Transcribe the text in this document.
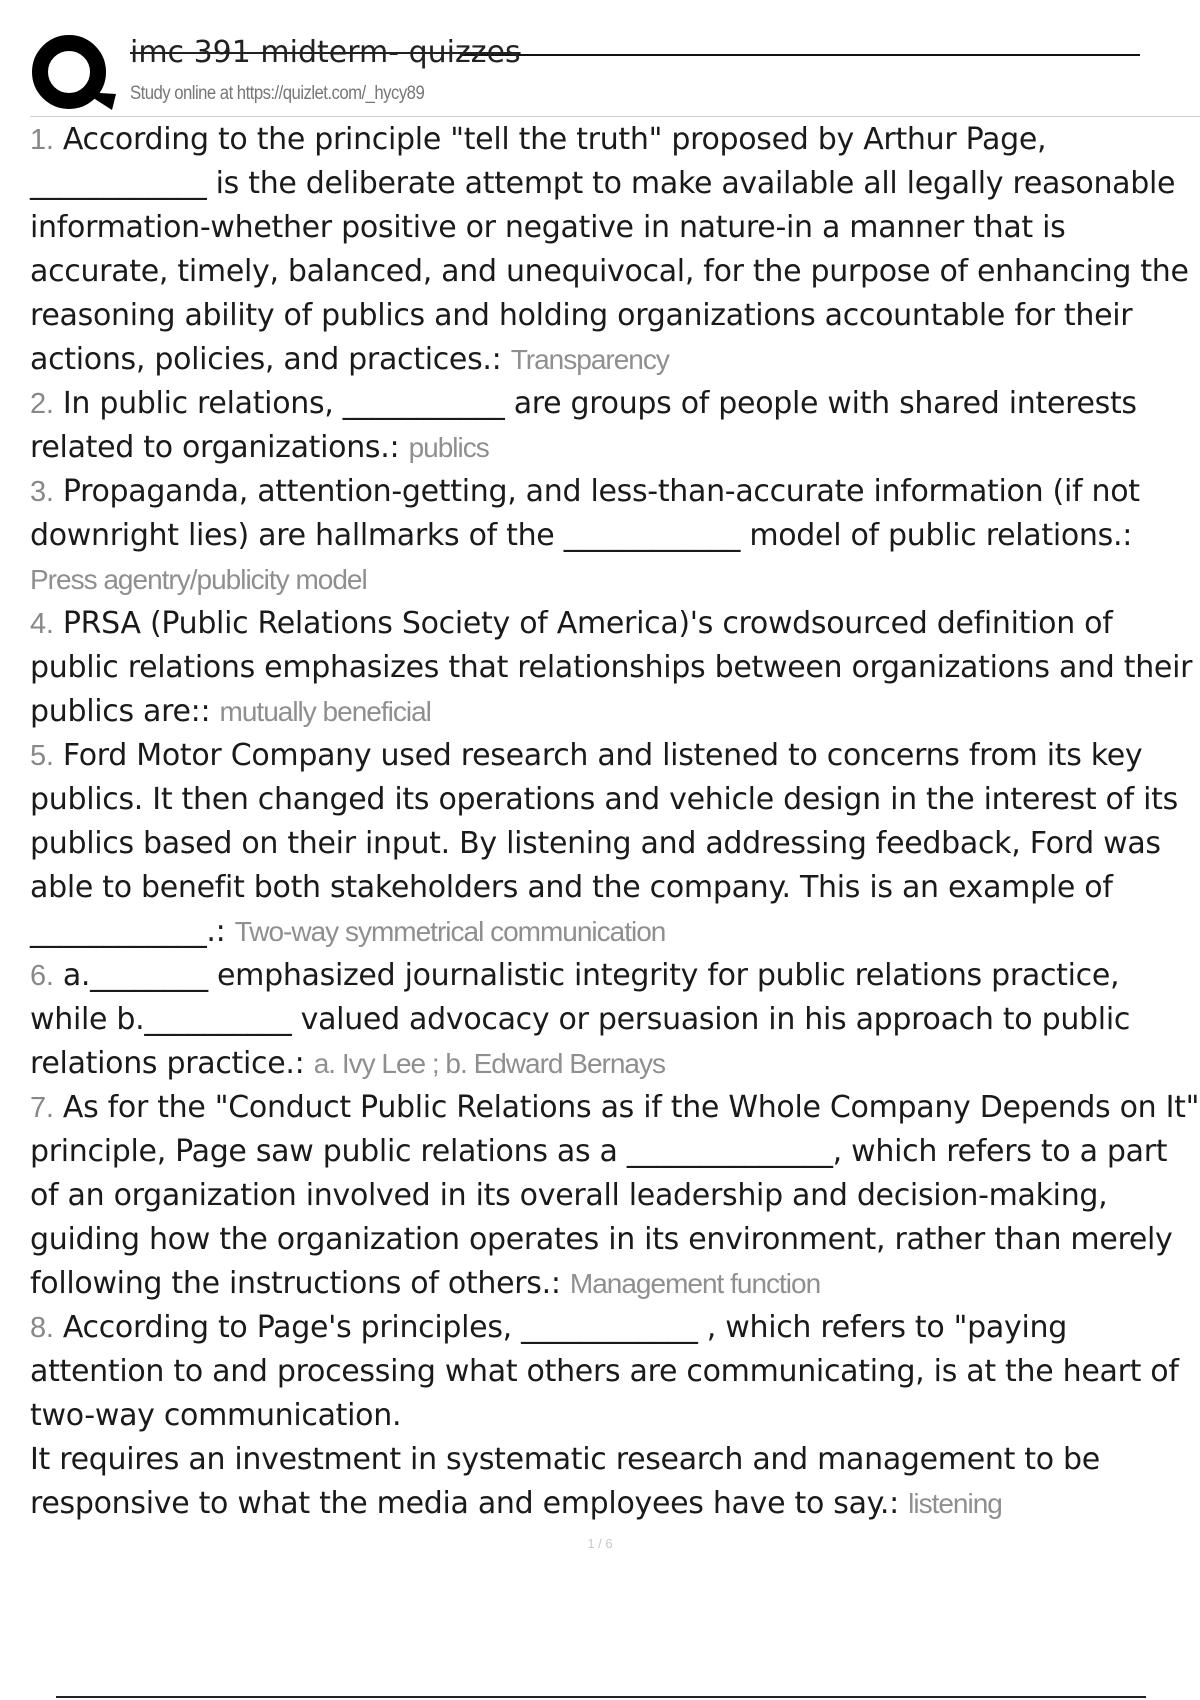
imc 391 midterm- quizzes
Study online at https://quizlet.com/_hycy89

1. According to the principle "tell the truth" proposed by Arthur Page, ____________ is the deliberate attempt to make available all legally reasonable information-whether positive or negative in nature-in a manner that is accurate, timely, balanced, and unequivocal, for the purpose of enhancing the reasoning ability of publics and holding organizations accountable for their actions, policies, and practices.: Transparency

2. In public relations, ___________ are groups of people with shared interests related to organizations.: publics

3. Propaganda, attention-getting, and less-than-accurate information (if not downright lies) are hallmarks of the ____________ model of public relations.: Press agentry/publicity model

4. PRSA (Public Relations Society of America)'s crowdsourced definition of public relations emphasizes that relationships between organizations and their publics are:: mutually beneficial

5. Ford Motor Company used research and listened to concerns from its key publics. It then changed its operations and vehicle design in the interest of its publics based on their input. By listening and addressing feedback, Ford was able to benefit both stakeholders and the company. This is an example of ____________.: Two-way symmetrical communication

6. a.________ emphasized journalistic integrity for public relations practice, while b.__________ valued advocacy or persuasion in his approach to public relations practice.: a. Ivy Lee ; b. Edward Bernays

7. As for the "Conduct Public Relations as if the Whole Company Depends on It" principle, Page saw public relations as a ______________, which refers to a part of an organization involved in its overall leadership and decision-making, guiding how the organization operates in its environment, rather than merely following the instructions of others.: Management function

8. According to Page's principles, ____________ , which refers to "paying attention to and processing what others are communicating, is at the heart of two-way communication.
It requires an investment in systematic research and management to be responsive to what the media and employees have to say.: listening

1 / 6
